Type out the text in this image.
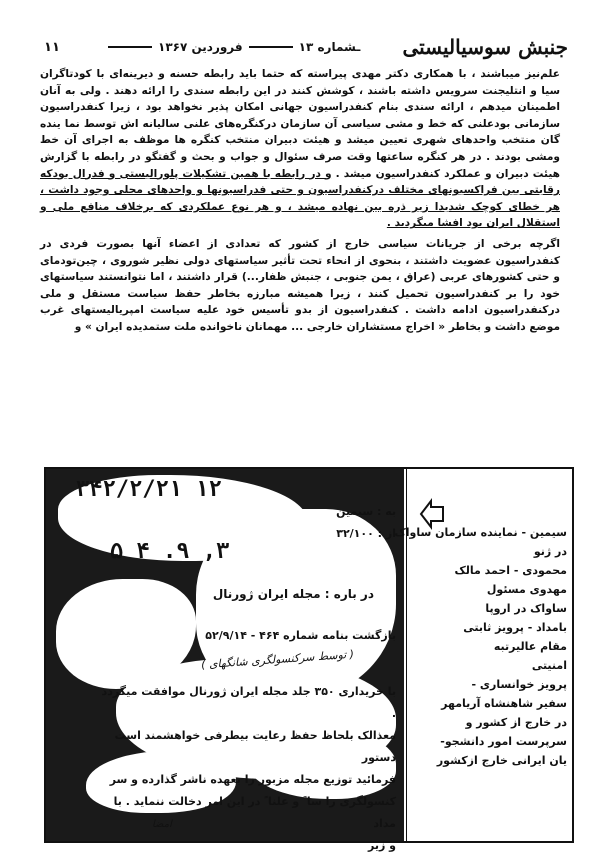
جنبش سوسیالیستی
ـشماره ۱۳
فروردین ۱۳۶۷
۱۱

علم‌نیز میباشند ، با همکاری دکتر مهدی پیراسته که حتما باید رابطه حسنه و دیرینه‌ای با کودتاگران سیا و انتلیجنت سرویس داشته باشند ، کوشش کنند در این رابطه سندی را ارائه دهند . ولی به آنان اطمینان میدهم ، ارائه سندی بنام کنفدراسیون جهانی امکان پذیر نخواهد بود ، زیرا کنفدراسیون سازمانی بودعلنی که خط و مشی سیاسی آن سازمان درکنگره‌های علنی سالیانه اش توسط نما ینده گان منتخب واحدهای شهری تعیین میشد و هیئت دبیران منتخب کنگره ها موظف به اجرای آن خط ومشی بودند . در هر کنگره ساعتها وقت صرف سئوال و جواب و بحث و گفتگو در رابطه با گزارش هیئت دبیران و عملکرد کنفدراسیون میشد . و در رابطه با همین تشکیلات پلورالیستی و فدرال بودکه رقابتی بین فراکسیونهای مختلف درکنفدراسیون و حتی فدراسیونها و واحدهای محلی وجود داشت ، هر خطای کوچک شدیدا زیر ذره بین نهاده میشد ، و هر نوع عملکردی که برخلاف منافع ملی و استقلال ایران بود افشا میگردید .

اگرچه برخی از جریانات سیاسی خارج از کشور که تعدادی از اعضاء آنها بصورت فردی در کنفدراسیون عضویت داشتند ، بنحوی از انحاء تحت تأثیر سیاستهای دولی نظیر شوروی ، چین‌تودمای و حتی کشورهای عربی (عراق ، یمن جنوبی ، جنبش ظفار...) قرار داشتند ، اما نتوانستند سیاستهای خود را بر کنفدراسیون تحمیل کنند ، زیرا همیشه مبارزه بخاطر حفظ سیاست مستقل و ملی درکنفدراسیون ادامه داشت . کنفدراسیون از بدو تأسیس خود علیه سیاست امپریالیستهای غرب موضع داشت و بخاطر « اخراج مستشاران خارجی ... مهمانان ناخوانده ملت ستمدیده ایران » و

۳۴۲/۲/۲۱ ۱۲
۵ ۴ .۹ ,۳
به : سیمین
از : ۳۲/۱۰۰
در باره : مجله ایران ژورنال
بازگشت بنامه شماره ۴۶۴ - ۵۲/۹/۱۴
( توسط سرکنسولگری شانگهای )
با خریداری ۳۵۰ جلد مجله ایران ژورنال موافقت میگردد .
معذالک بلحاظ حفظ رعایت بیطرفی خواهشمند است دستور
فرمائید توزیع مجله مزبور را بعهده ناشر گذارده و سر
کنسولگری را سا ً و علنا ً در این امر دخالت ننماید . با مداد
و زیر
امضا
سیمین - نماینده سازمان ساواک
در ژنو
محمودی - احمد مالک
مهدوی مسئول
ساواک در اروپا
بامداد - پرویز ثابتی
مقام عالیرتبه
امنیتی
پرویز خوانساری -
سفیر شاهنشاه آریامهر
در خارج از کشور و
سرپرست امور دانشجو-
یان ایرانی خارج ازکشور
